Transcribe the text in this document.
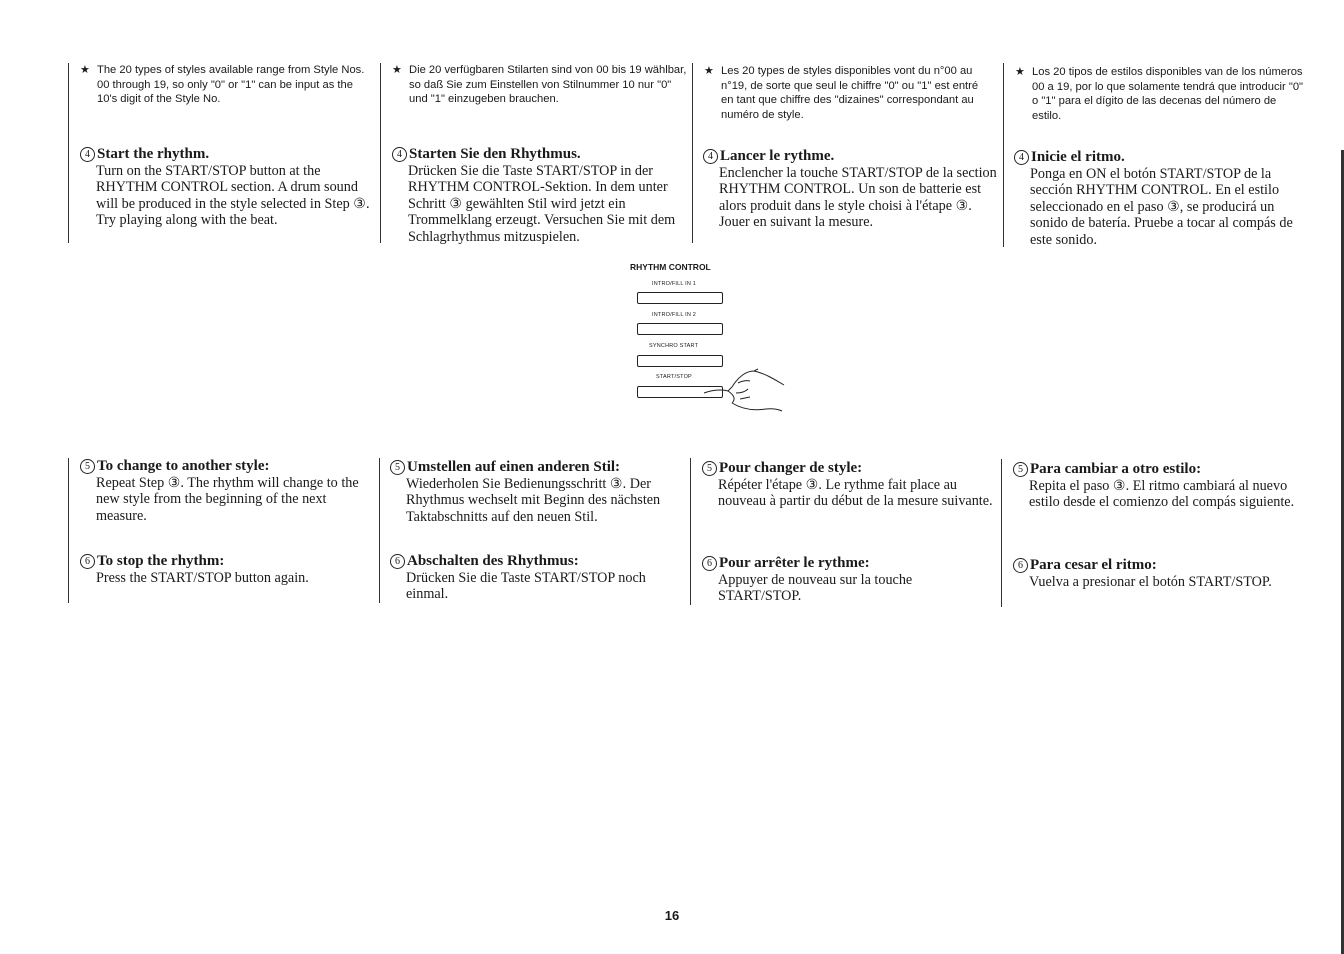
★ The 20 types of styles available range from Style Nos. 00 through 19, so only "0" or "1" can be input as the 10's digit of the Style No.
4 Start the rhythm.

Turn on the START/STOP button at the RHYTHM CONTROL section. A drum sound will be produced in the style selected in Step ③. Try playing along with the beat.

5 To change to another style:

Repeat Step ③. The rhythm will change to the new style from the beginning of the next measure.

6 To stop the rhythm:

Press the START/STOP button again.

★ Die 20 verfügbaren Stilarten sind von 00 bis 19 wählbar, so daß Sie zum Einstellen von Stilnummer 10 nur "0" und "1" einzugeben brauchen.
4 Starten Sie den Rhythmus.

Drücken Sie die Taste START/STOP in der RHYTHM CONTROL-Sektion. In dem unter Schritt ③ gewählten Stil wird jetzt ein Trommelklang erzeugt. Versuchen Sie mit dem Schlagrhythmus mitzuspielen.

5 Umstellen auf einen anderen Stil:

Wiederholen Sie Bedienungsschritt ③. Der Rhythmus wechselt mit Beginn des nächsten Taktabschnitts auf den neuen Stil.

6 Abschalten des Rhythmus:

Drücken Sie die Taste START/STOP noch einmal.

★ Les 20 types de styles disponibles vont du n°00 au n°19, de sorte que seul le chiffre "0" ou "1" est entré en tant que chiffre des "dizaines" correspondant au numéro de style.
4 Lancer le rythme.

Enclencher la touche START/STOP de la section RHYTHM CONTROL. Un son de batterie est alors produit dans le style choisi à l'étape ③. Jouer en suivant la mesure.

5 Pour changer de style:

Répéter l'étape ③. Le rythme fait place au nouveau à partir du début de la mesure suivante.

6 Pour arrêter le rythme:

Appuyer de nouveau sur la touche START/STOP.

★ Los 20 tipos de estilos disponibles van de los números 00 a 19, por lo que solamente tendrá que introducir "0" o "1" para el dígito de las decenas del número de estilo.
4 Inicie el ritmo.

Ponga en ON el botón START/STOP de la sección RHYTHM CONTROL. En el estilo seleccionado en el paso ③, se producirá un sonido de batería. Pruebe a tocar al compás de este sonido.

5 Para cambiar a otro estilo:

Repita el paso ③. El ritmo cambiará al nuevo estilo desde el comienzo del compás siguiente.

6 Para cesar el ritmo:

Vuelva a presionar el botón START/STOP.

RHYTHM CONTROL
INTRO/FILL IN 1
INTRO/FILL IN 2
SYNCHRO START
START/STOP
16
